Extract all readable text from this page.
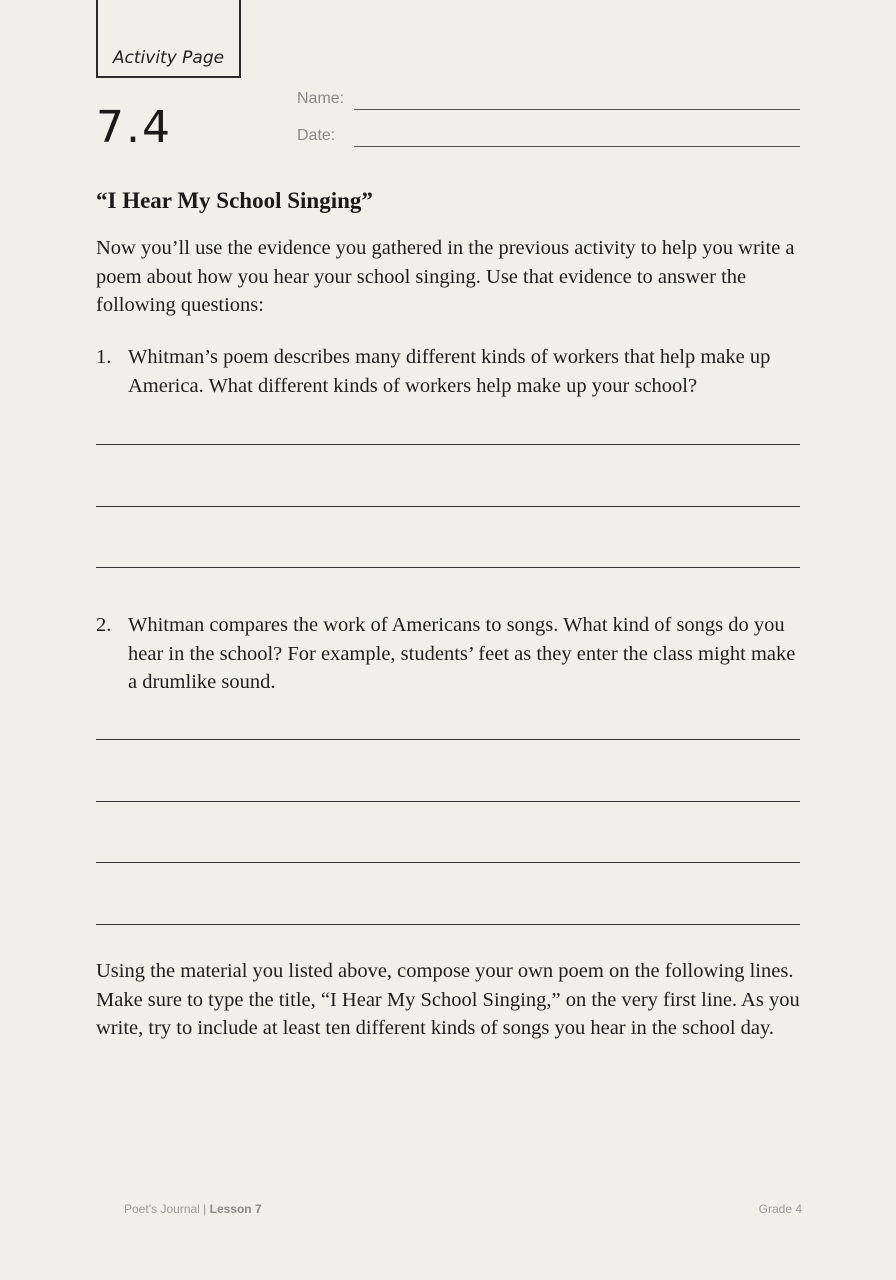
Activity Page
7.4
Name:
Date:
“I Hear My School Singing”

Now you’ll use the evidence you gathered in the previous activity to help you write a poem about how you hear your school singing. Use that evidence to answer the following questions:

1. Whitman’s poem describes many different kinds of workers that help make up America. What different kinds of workers help make up your school?
2. Whitman compares the work of Americans to songs. What kind of songs do you hear in the school? For example, students’ feet as they enter the class might make a drumlike sound.

Using the material you listed above, compose your own poem on the following lines. Make sure to type the title, “I Hear My School Singing,” on the very first line. As you write, try to include at least ten different kinds of songs you hear in the school day.

Poet’s Journal | Lesson 7	Grade 4
